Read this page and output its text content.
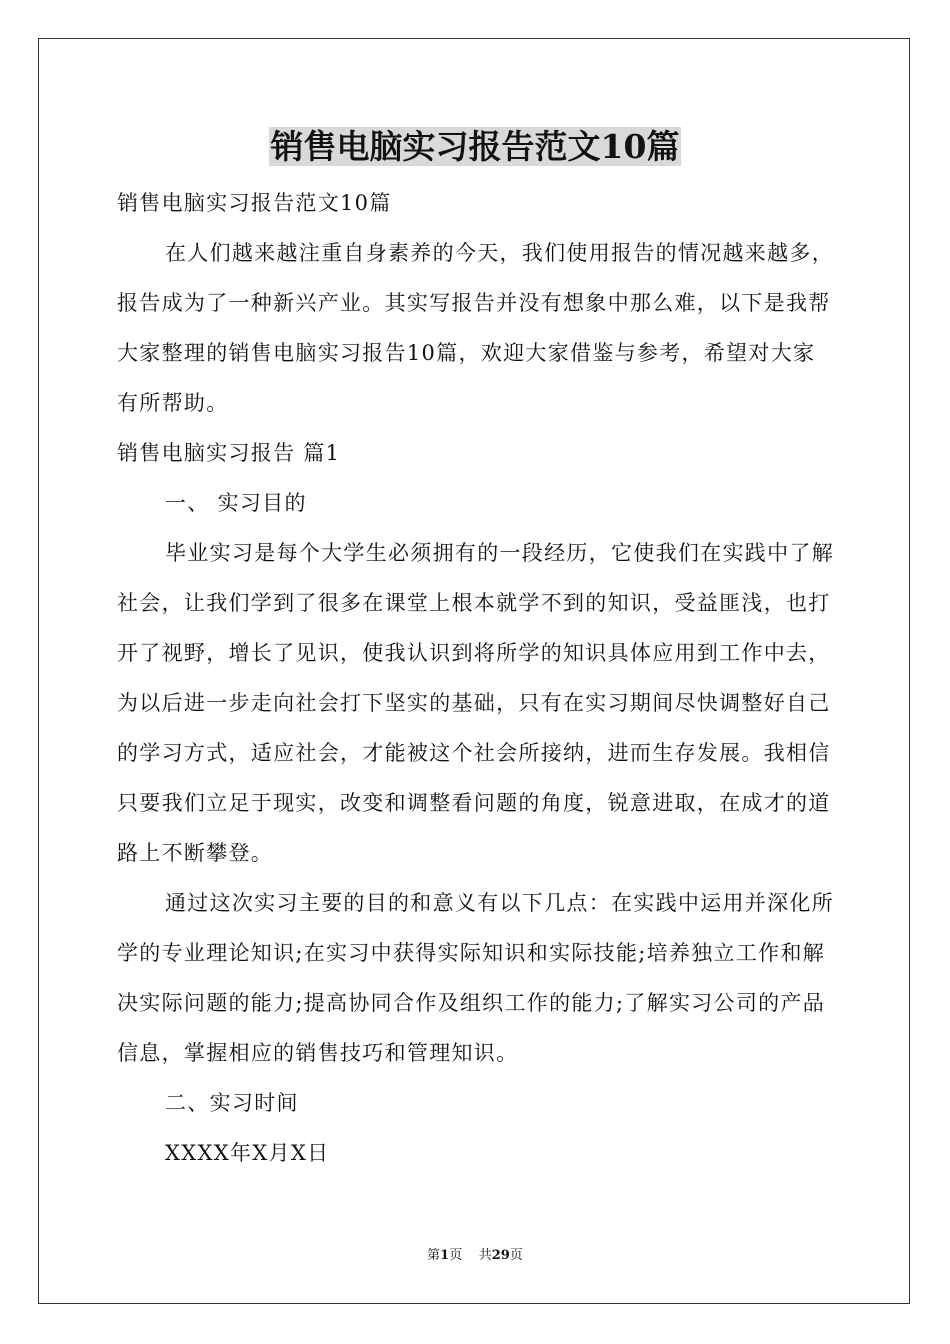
销售电脑实习报告范文10篇

销售电脑实习报告范文10篇

在人们越来越注重自身素养的今天，我们使用报告的情况越来越多，报告成为了一种新兴产业。其实写报告并没有想象中那么难，以下是我帮大家整理的销售电脑实习报告10篇，欢迎大家借鉴与参考，希望对大家有所帮助。

销售电脑实习报告 篇1

一、 实习目的

毕业实习是每个大学生必须拥有的一段经历，它使我们在实践中了解社会，让我们学到了很多在课堂上根本就学不到的知识，受益匪浅，也打开了视野，增长了见识，使我认识到将所学的知识具体应用到工作中去，为以后进一步走向社会打下坚实的基础，只有在实习期间尽快调整好自己的学习方式，适应社会，才能被这个社会所接纳，进而生存发展。我相信只要我们立足于现实，改变和调整看问题的角度，锐意进取，在成才的道路上不断攀登。

通过这次实习主要的目的和意义有以下几点：在实践中运用并深化所学的专业理论知识;在实习中获得实际知识和实际技能;培养独立工作和解决实际问题的能力;提高协同合作及组织工作的能力;了解实习公司的产品信息，掌握相应的销售技巧和管理知识。

二、实习时间

XXXX年X月X日

第1页    共29页
